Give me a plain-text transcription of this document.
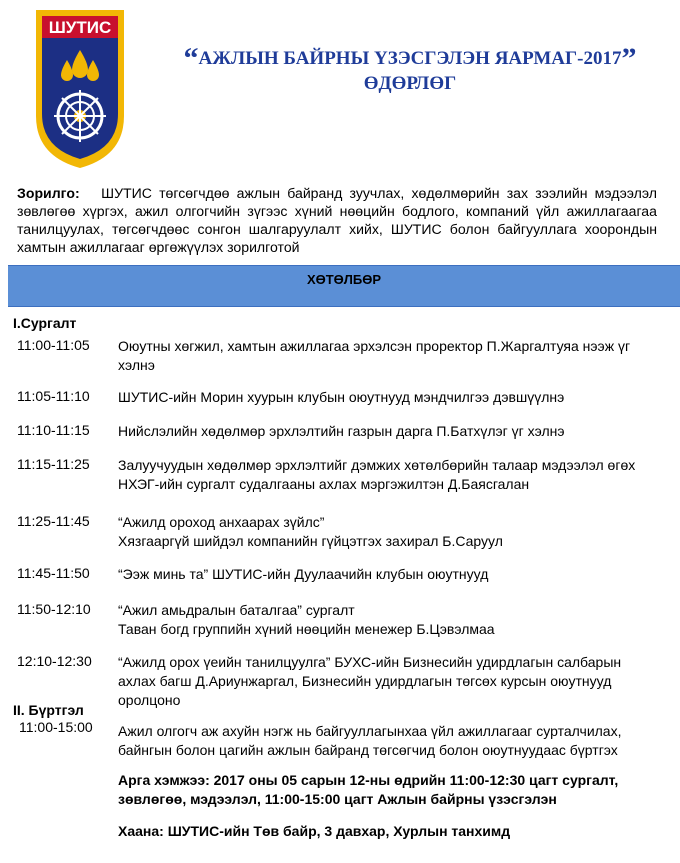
ШУТИС
“АЖЛЫН БАЙРНЫ ҮЗЭСГЭЛЭН ЯАРМАГ-2017”
ӨДӨРЛӨГ
Зорилго: ШУТИС төгсөгчдөө ажлын байранд зуучлах, хөдөлмөрийн зах зээлийн мэдээлэл зөвлөгөө хүргэх, ажил олгогчийн зүгээс хүний нөөцийн бодлого, компаний үйл ажиллагаагаа танилцуулах, төгсөгчдөөс сонгон шалгаруулалт хийх, ШУТИС болон байгууллага хоорондын хамтын ажиллагааг өргөжүүлэх зорилготой
ХӨТӨЛБӨР
I.Сургалт
11:00-11:05 Оюутны хөгжил, хамтын ажиллагаа эрхэлсэн проректор П.Жаргалтуяа нээж үг
хэлнэ
11:05-11:10 ШУТИС-ийн Морин хуурын клубын оюутнууд мэндчилгээ дэвшүүлнэ
11:10-11:15 Нийслэлийн хөдөлмөр эрхлэлтийн газрын дарга П.Батхүлэг үг хэлнэ
11:15-11:25 Залуучуудын хөдөлмөр эрхлэлтийг дэмжих хөтөлбөрийн талаар мэдээлэл өгөх
НХЭГ-ийн сургалт судалгааны ахлах мэргэжилтэн Д.Баясгалан
11:25-11:45 “Ажилд ороход анхаарах зүйлс”
Хязгааргүй шийдэл компанийн гүйцэтгэх захирал Б.Саруул
11:45-11:50 “Ээж минь та” ШУТИС-ийн Дуулаачийн клубын оюутнууд
11:50-12:10 “Ажил амьдралын баталгаа” сургалт
Таван богд группийн хүний нөөцийн менежер Б.Цэвэлмаа
12:10-12:30 “Ажилд орох үеийн танилцуулга” БУХС-ийн Бизнесийн удирдлагын салбарын
ахлах багш Д.Ариунжаргал, Бизнесийн удирдлагын төгсөх курсын оюутнууд
оролцоно
II. Бүртгэл
11:00-15:00 Ажил олгогч аж ахуйн нэгж нь байгууллагынхаа үйл ажиллагааг сурталчилах,
байнгын болон цагийн ажлын байранд төгсөгчид болон оюутнуудаас бүртгэх
Арга хэмжээ: 2017 оны 05 сарын 12-ны өдрийн 11:00-12:30 цагт сургалт,
зөвлөгөө, мэдээлэл, 11:00-15:00 цагт Ажлын байрны үзэсгэлэн
Хаана: ШУТИС-ийн Төв байр, 3 давхар, Хурлын танхимд
